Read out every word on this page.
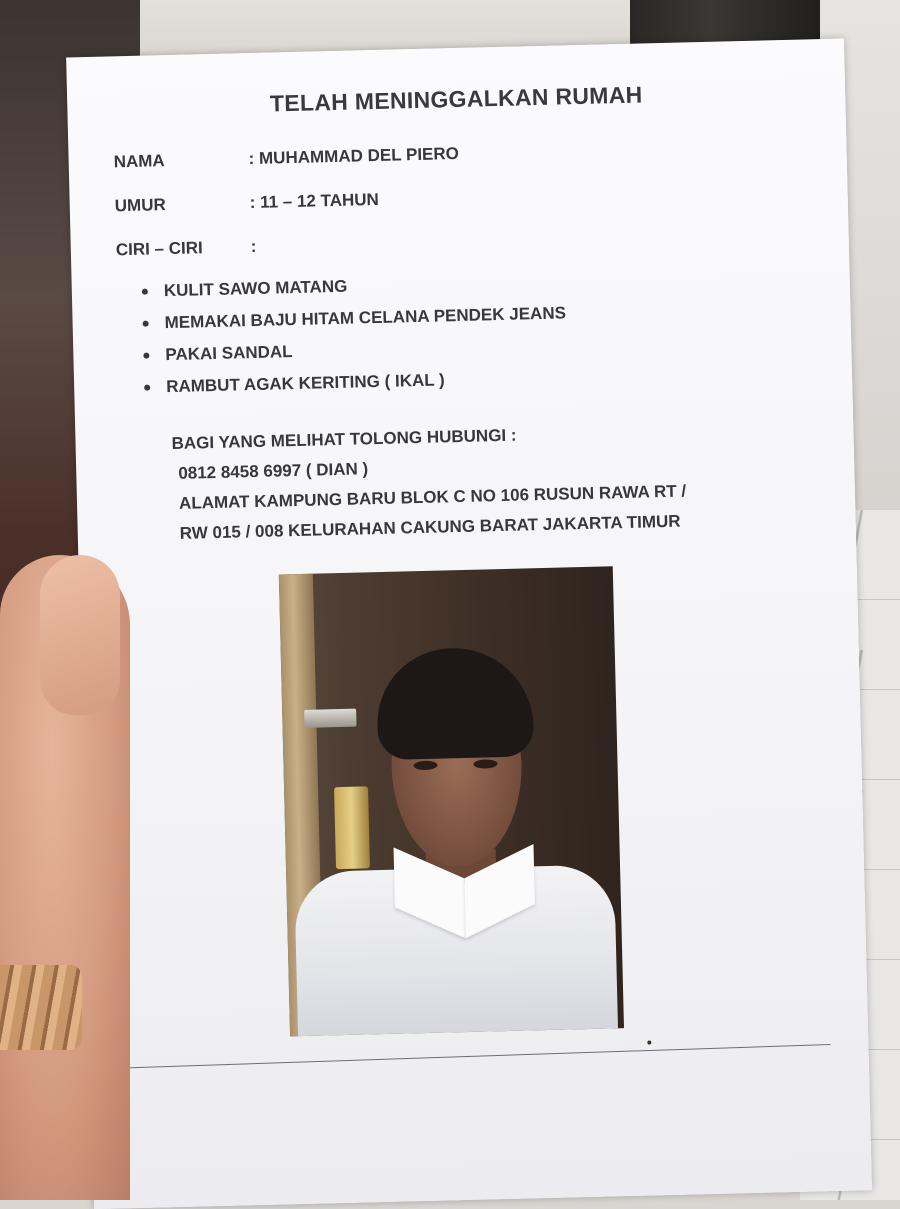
TELAH MENINGGALKAN RUMAH
NAMA	: MUHAMMAD DEL PIERO
UMUR	: 11 – 12 TAHUN
CIRI – CIRI	:
KULIT SAWO MATANG
MEMAKAI BAJU HITAM CELANA PENDEK JEANS
PAKAI SANDAL
RAMBUT AGAK KERITING ( IKAL )
BAGI YANG MELIHAT TOLONG HUBUNGI :
0812 8458 6997 ( DIAN )
ALAMAT KAMPUNG BARU BLOK C NO 106 RUSUN RAWA RT /
RW 015 / 008 KELURAHAN CAKUNG BARAT JAKARTA TIMUR
